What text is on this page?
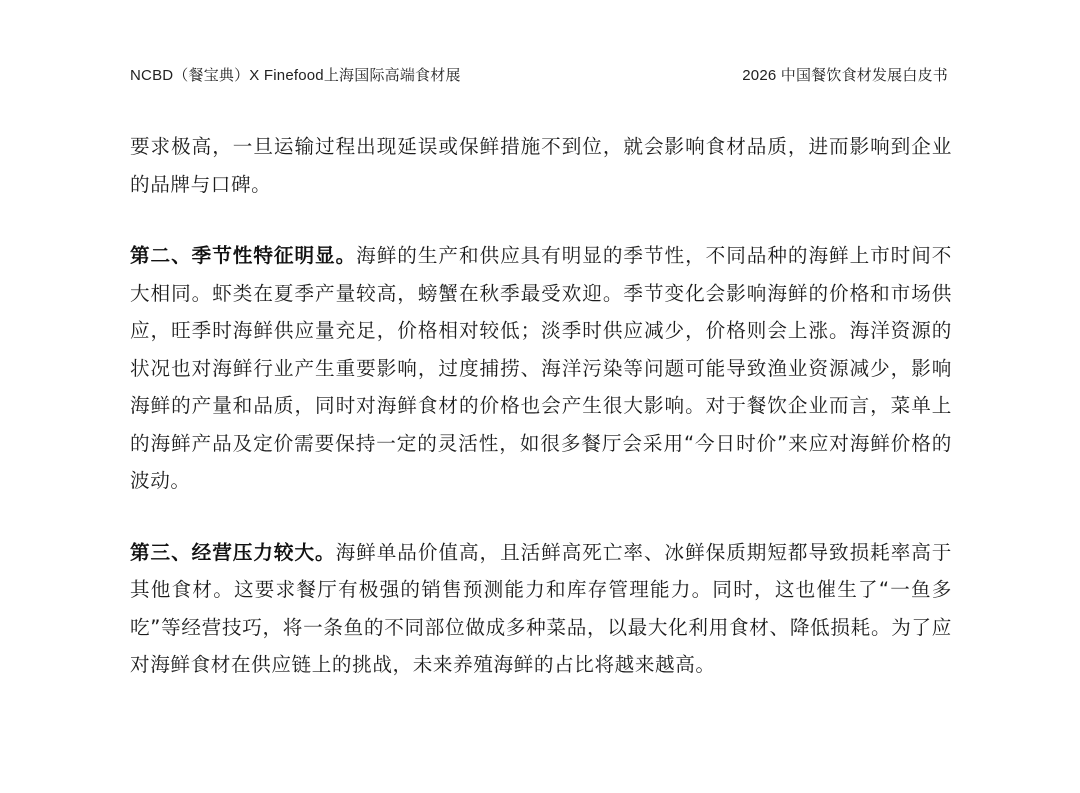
NCBD（餐宝典）X Finefood上海国际高端食材展	2026 中国餐饮食材发展白皮书

要求极高，一旦运输过程出现延误或保鲜措施不到位，就会影响食材品质，进而影响到企业的品牌与口碑。

第二、季节性特征明显。海鲜的生产和供应具有明显的季节性，不同品种的海鲜上市时间不大相同。虾类在夏季产量较高，螃蟹在秋季最受欢迎。季节变化会影响海鲜的价格和市场供应，旺季时海鲜供应量充足，价格相对较低；淡季时供应减少，价格则会上涨。海洋资源的状况也对海鲜行业产生重要影响，过度捕捞、海洋污染等问题可能导致渔业资源减少，影响海鲜的产量和品质，同时对海鲜食材的价格也会产生很大影响。对于餐饮企业而言，菜单上的海鲜产品及定价需要保持一定的灵活性，如很多餐厅会采用“今日时价”来应对海鲜价格的波动。

第三、经营压力较大。海鲜单品价值高，且活鲜高死亡率、冰鲜保质期短都导致损耗率高于其他食材。这要求餐厅有极强的销售预测能力和库存管理能力。同时，这也催生了“一鱼多吃”等经营技巧，将一条鱼的不同部位做成多种菜品，以最大化利用食材、降低损耗。为了应对海鲜食材在供应链上的挑战，未来养殖海鲜的占比将越来越高。
